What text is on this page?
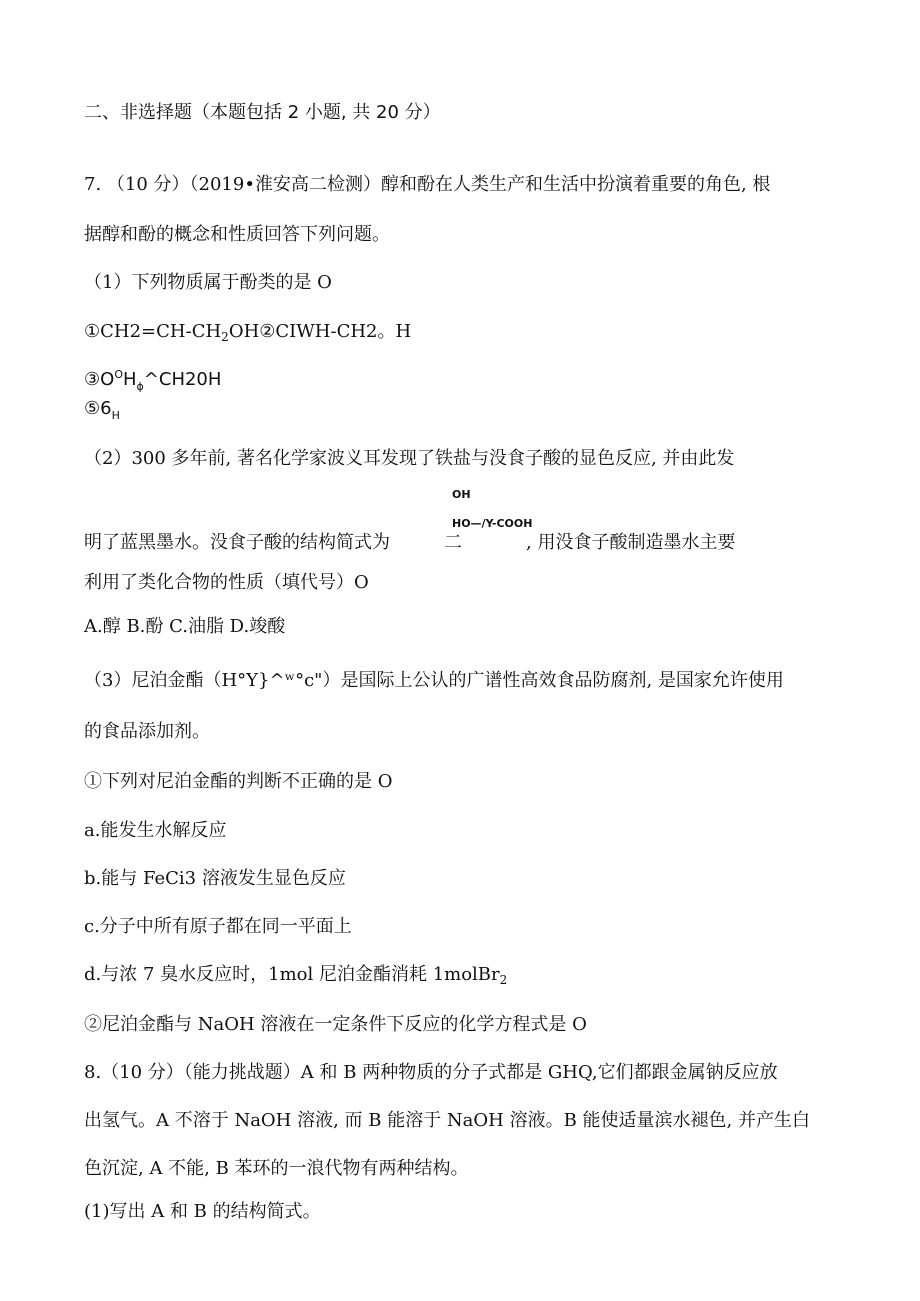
二、非选择题（本题包括 2 小题, 共 20 分）
7. （10 分）（2019•淮安高二检测）醇和酚在人类生产和生活中扮演着重要的角色, 根
据醇和酚的概念和性质回答下列问题。
（1）下列物质属于酚类的是 O
$①CH2=CH-CH_2OH②CIWH-CH2$。H
$③O^OH_\phi\^{}CH20H$
$⑤6_H$
（2）300 多年前, 著名化学家波义耳发现了铁盐与没食子酸的显色反应, 并由此发
OH
HO—/Y-COOH
明了蓝黑墨水。没食子酸的结构简式为	二	, 用没食子酸制造墨水主要
利用了类化合物的性质（填代号）O
A.醇 B.酚 C.油脂 D.竣酸
（3）尼泊金酯（H°Y}^ʷ°c"）是国际上公认的广谱性高效食品防腐剂, 是国家允许使用
的食品添加剂。
①下列对尼泊金酯的判断不正确的是 O
a.能发生水解反应
b.能与 FeCi3 溶液发生显色反应
c.分子中所有原子都在同一平面上
d.与浓 7 臭水反应时，1mol 尼泊金酯消耗 1molBr$_2$
②尼泊金酯与 NaOH 溶液在一定条件下反应的化学方程式是 O
8.（10 分）（能力挑战题）A 和 B 两种物质的分子式都是 GHQ,它们都跟金属钠反应放
出氢气。A 不溶于 NaOH 溶液, 而 B 能溶于 NaOH 溶液。B 能使适量滨水褪色, 并产生白
色沉淀, A 不能, B 苯环的一浪代物有两种结构。
(1)写出 A 和 B 的结构简式。
